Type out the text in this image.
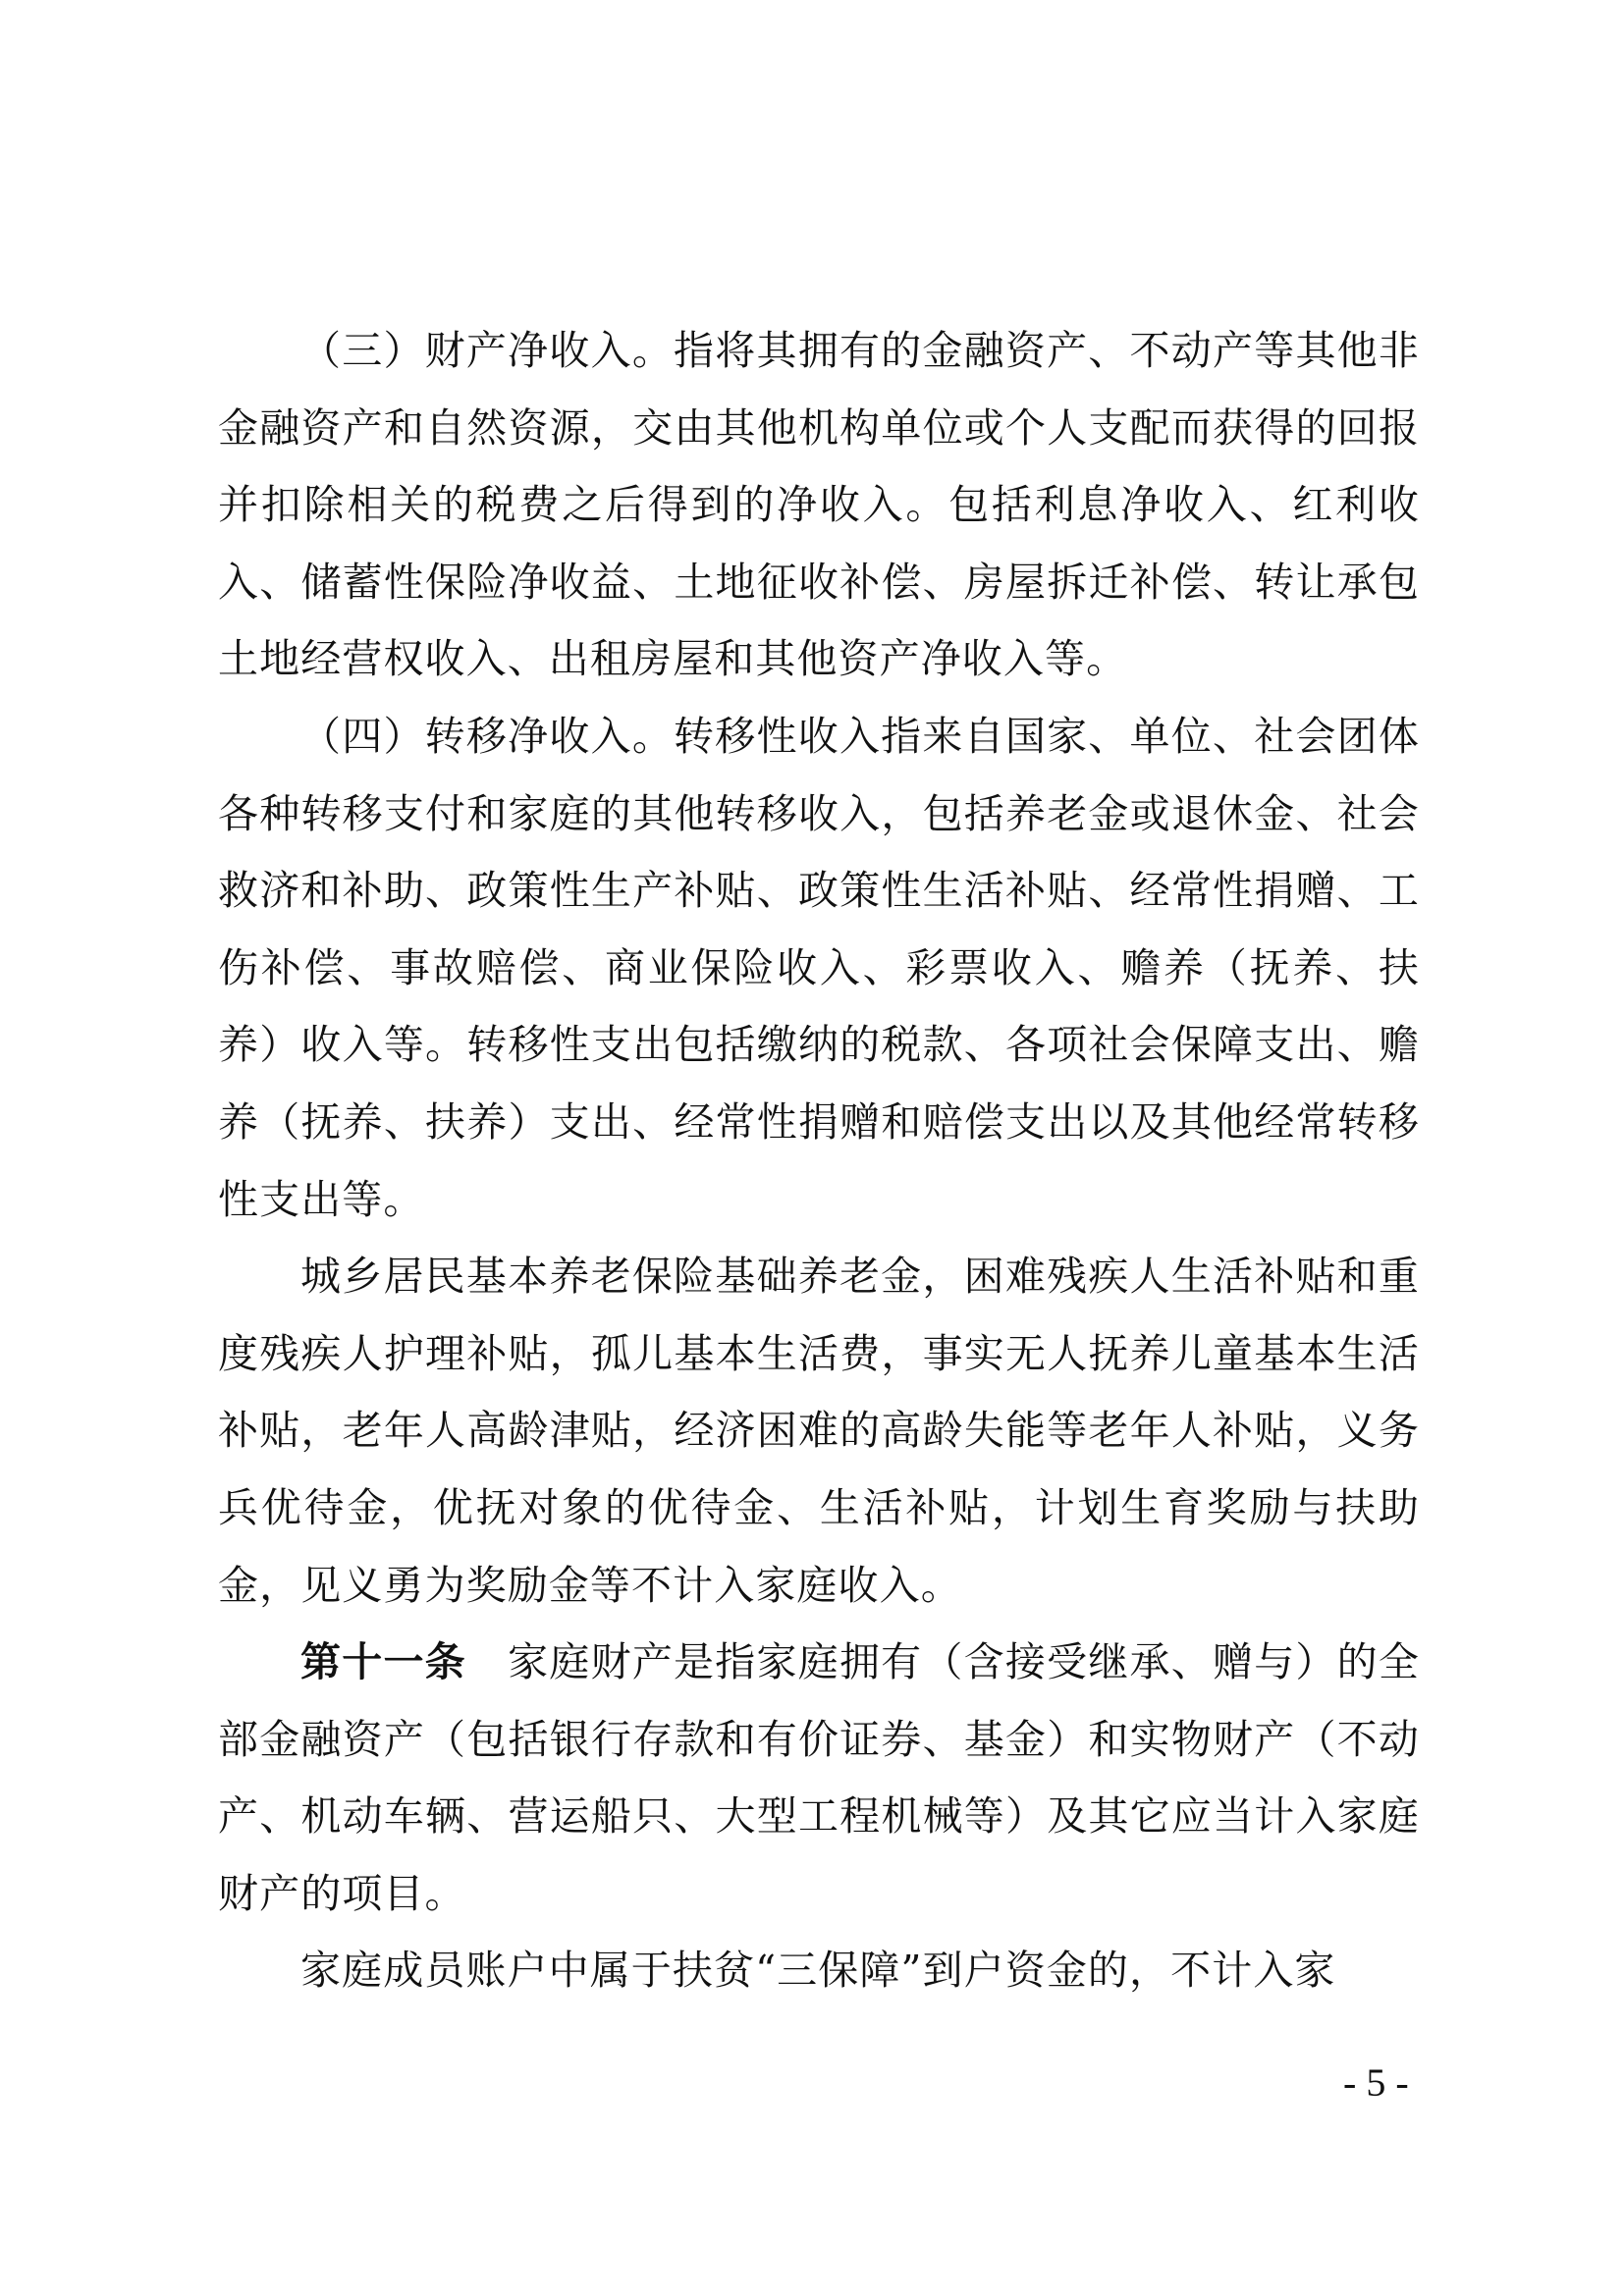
（三）财产净收入。指将其拥有的金融资产、不动产等其他非金融资产和自然资源，交由其他机构单位或个人支配而获得的回报并扣除相关的税费之后得到的净收入。包括利息净收入、红利收入、储蓄性保险净收益、土地征收补偿、房屋拆迁补偿、转让承包土地经营权收入、出租房屋和其他资产净收入等。

（四）转移净收入。转移性收入指来自国家、单位、社会团体各种转移支付和家庭的其他转移收入，包括养老金或退休金、社会救济和补助、政策性生产补贴、政策性生活补贴、经常性捐赠、工伤补偿、事故赔偿、商业保险收入、彩票收入、赡养（抚养、扶养）收入等。转移性支出包括缴纳的税款、各项社会保障支出、赡养（抚养、扶养）支出、经常性捐赠和赔偿支出以及其他经常转移性支出等。

城乡居民基本养老保险基础养老金，困难残疾人生活补贴和重度残疾人护理补贴，孤儿基本生活费，事实无人抚养儿童基本生活补贴，老年人高龄津贴，经济困难的高龄失能等老年人补贴，义务兵优待金，优抚对象的优待金、生活补贴，计划生育奖励与扶助金，见义勇为奖励金等不计入家庭收入。

第十一条　 家庭财产是指家庭拥有（含接受继承、赠与）的全部金融资产（包括银行存款和有价证券、基金）和实物财产（不动产、机动车辆、营运船只、大型工程机械等）及其它应当计入家庭财产的项目。

家庭成员账户中属于扶贫“三保障”到户资金的，不计入家

- 5 -
